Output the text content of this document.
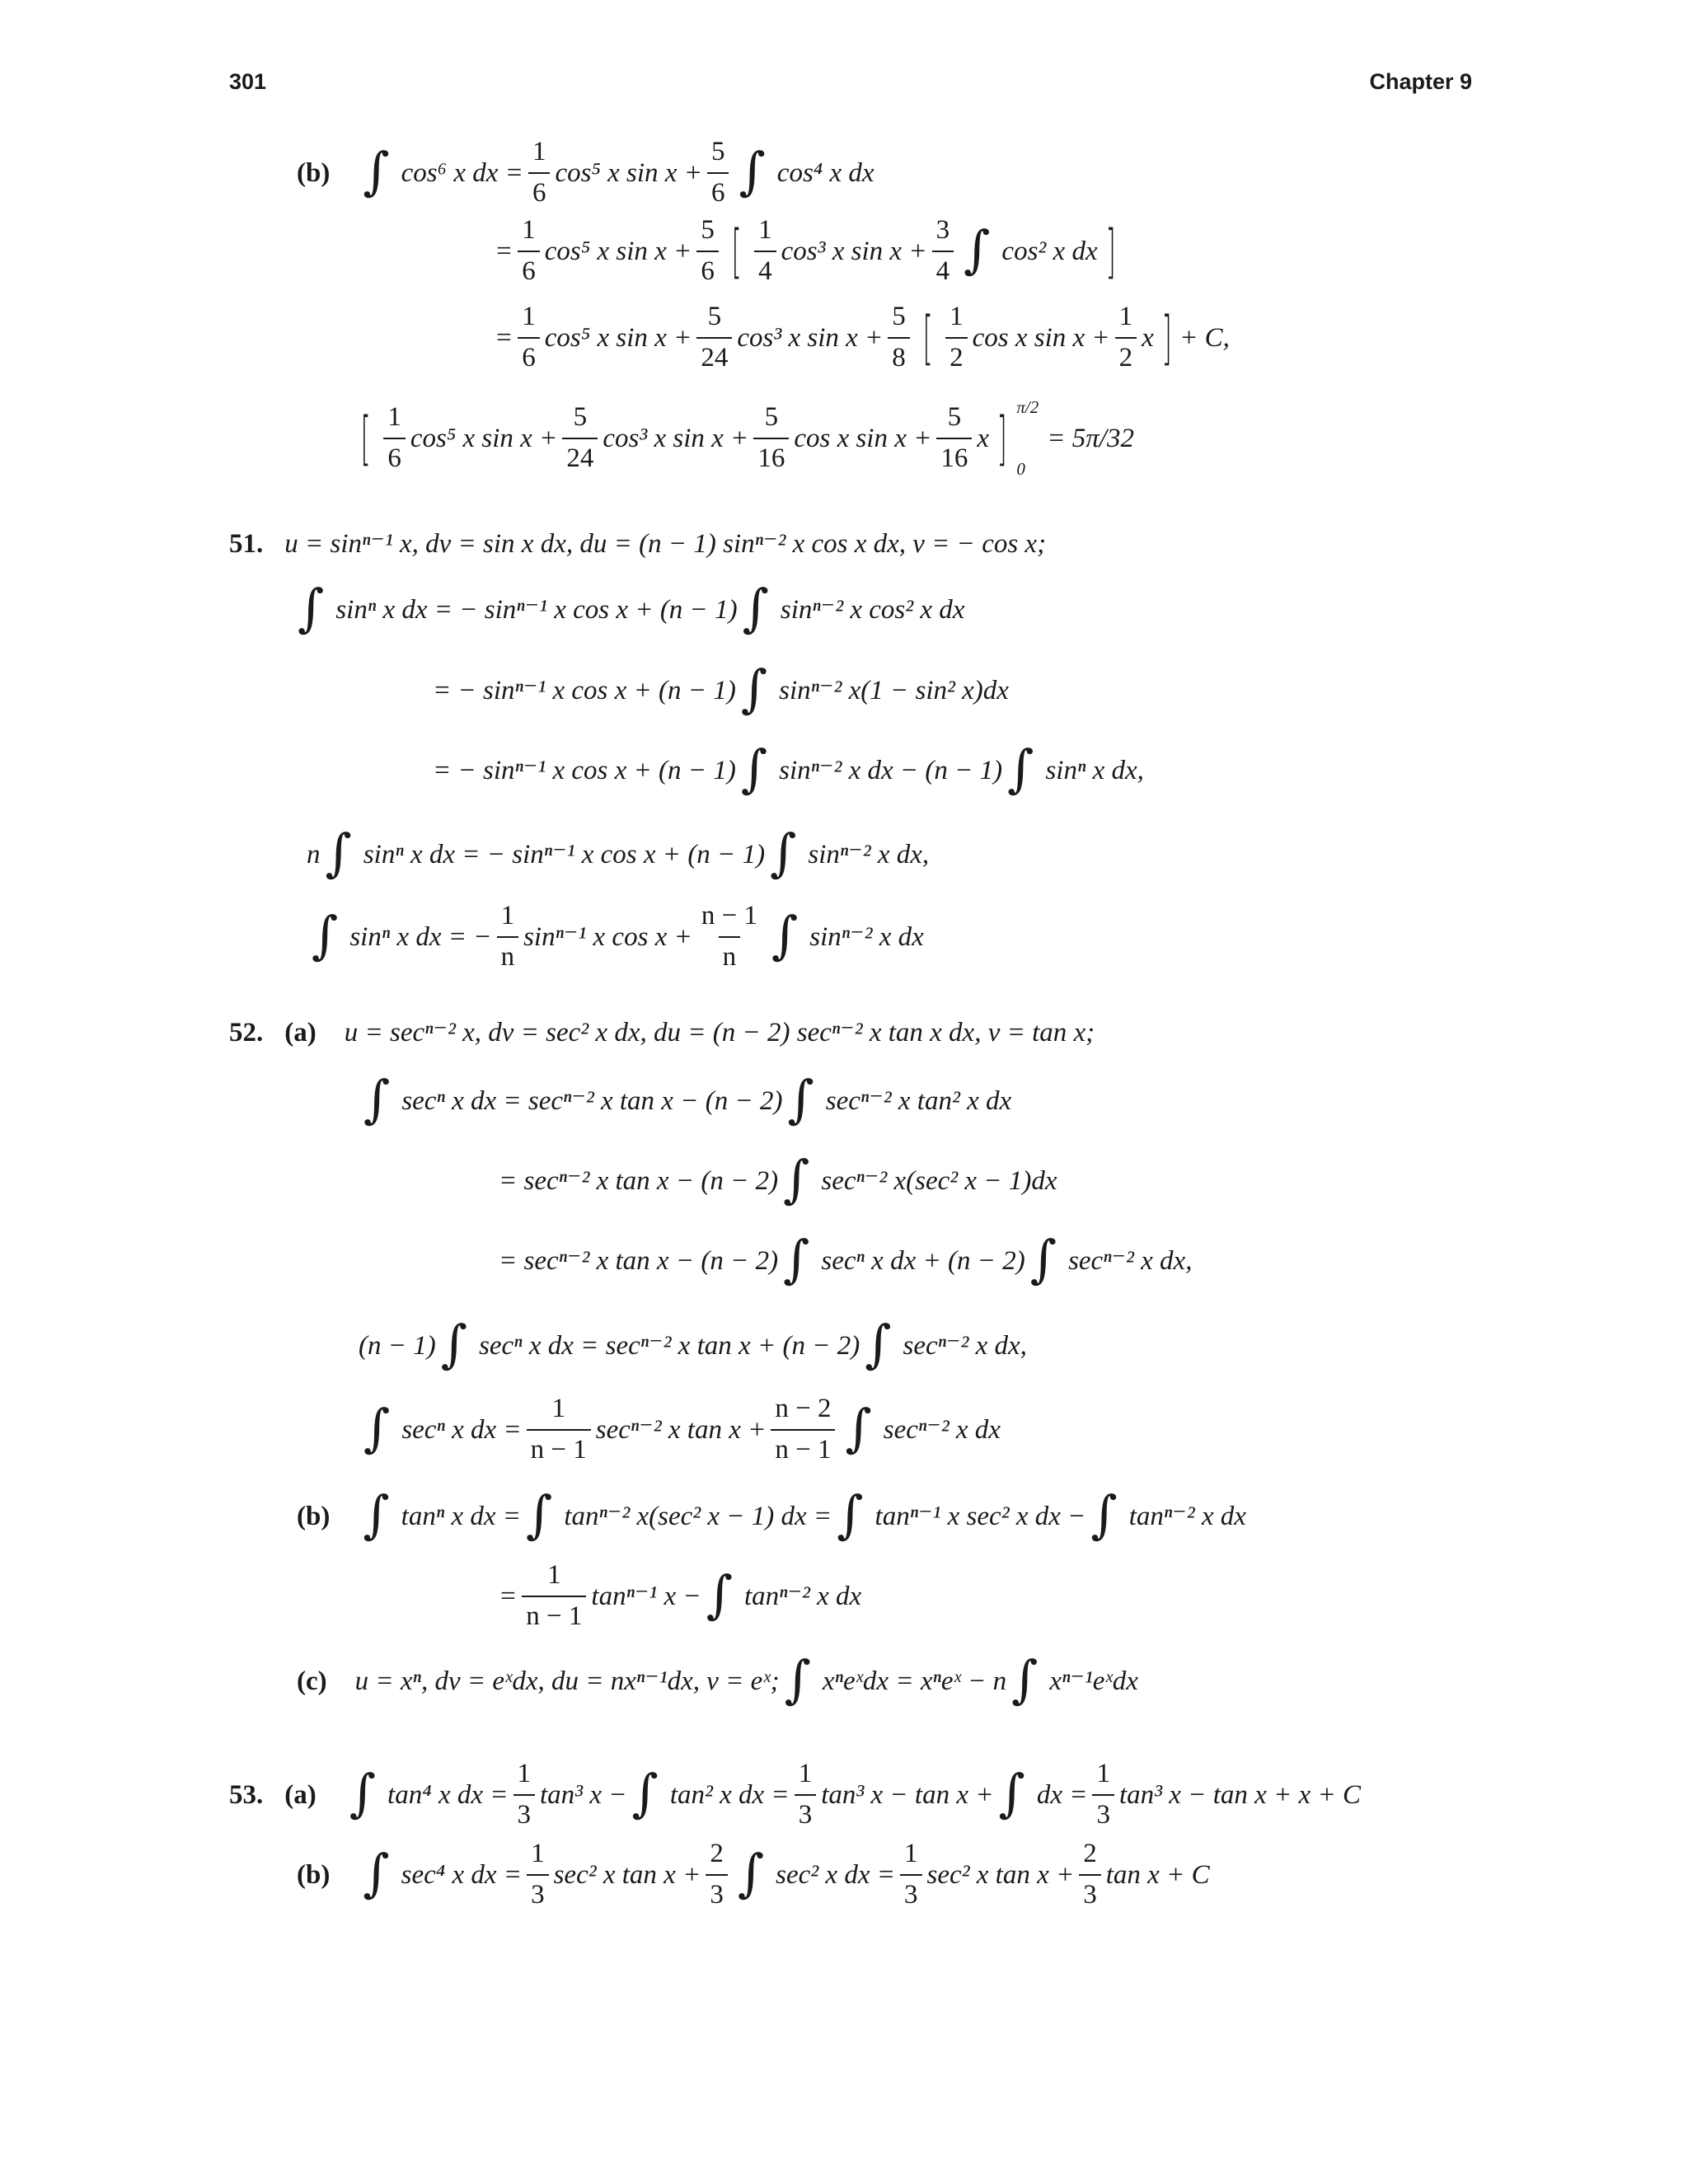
301	Chapter 9
(b) ∫ cos⁶ x dx = $\frac{1}{6} \cos^5$ x $\sin x + \frac{5}{6}$ ∫ cos⁴ x dx
= $\frac{1}{6} \cos^5$ x $\sin x + \frac{5}{6}$ [ $\frac{1}{4} \cos^3$ x $\sin x + \frac{3}{4}$ ∫ cos² x dx ]
= $\frac{1}{6} \cos^5$ x $\sin x + \frac{5}{24} \cos^3$ x $\sin x + \frac{5}{8}$ [ $\frac{1}{2}$ cos x $\sin x + \frac{1}{2}$ x ] + C,
[ $\frac{1}{6} \cos^5$ x $\sin x + \frac{5}{24} \cos^3$ x $\sin x + \frac{5}{16}$ cos x $\sin x + \frac{5}{16}$ x ] π/2
0
= 5π/32
51. u = sinⁿ⁻¹ x, dv = sin x dx, du = (n − 1) sinⁿ⁻² x cos x dx, v = − cos x;
∫ sinⁿ x dx = − sinⁿ⁻¹ x cos x + (n − 1) ∫ sinⁿ⁻² x cos² x dx
= − sinⁿ⁻¹ x cos x + (n − 1) ∫ sinⁿ⁻² x(1 − sin² x)dx
= − sinⁿ⁻¹ x cos x + (n − 1) ∫ sinⁿ⁻² x dx − (n − 1) ∫ sinⁿ x dx,
n ∫ sinⁿ x dx = − sinⁿ⁻¹ x cos x + (n − 1) ∫ sinⁿ⁻² x dx,
∫ sinⁿ x dx = − $\frac{1}{n} \sin^{n-1}$ x $\cos x + \frac{n - 1}{n}$ ∫ sinⁿ⁻² x dx
52. (a) u = secⁿ⁻² x, dv = sec² x dx, du = (n − 2) secⁿ⁻² x tan x dx, v = tan x;
∫ secⁿ x dx = secⁿ⁻² x tan x − (n − 2) ∫ secⁿ⁻² x tan² x dx
= secⁿ⁻² x tan x − (n − 2) ∫ secⁿ⁻² x(sec² x − 1)dx
= secⁿ⁻² x tan x − (n − 2) ∫ secⁿ x dx + (n − 2) ∫ secⁿ⁻² x dx,
(n − 1) ∫ secⁿ x dx = secⁿ⁻² x tan x + (n − 2) ∫ secⁿ⁻² x dx,
∫ secⁿ x dx = $\frac{1}{n - 1} \sec^{n-2}$ x $\tan x + \frac{n - 2}{n - 1}$ ∫ secⁿ⁻² x dx
(b) ∫ tanⁿ x dx = ∫ tanⁿ⁻² x(sec² x − 1) dx = ∫ tanⁿ⁻¹ x sec² x dx − ∫ tanⁿ⁻² x dx
= $\frac{1}{n - 1} \tan^{n-1}$ x − ∫ tanⁿ⁻² x dx
(c) u = xⁿ, dv = eˣdx, du = nxⁿ⁻¹dx, v = eˣ; ∫ xⁿeˣdx = xⁿeˣ − n ∫ xⁿ⁻¹eˣdx
53. (a) ∫ tan⁴ x dx = $\frac{1}{3} \tan^3$ x − ∫ tan² x dx = $\frac{1}{3} \tan^3$ x − tan x + ∫ dx = $\frac{1}{3} \tan^3$ x − tan x + x + C
(b) ∫ sec⁴ x dx = $\frac{1}{3} \sec^2$ x $\tan x + \frac{2}{3}$ ∫ sec² x dx = $\frac{1}{3} \sec^2$ x $\tan x + \frac{2}{3}$ tan x + C
